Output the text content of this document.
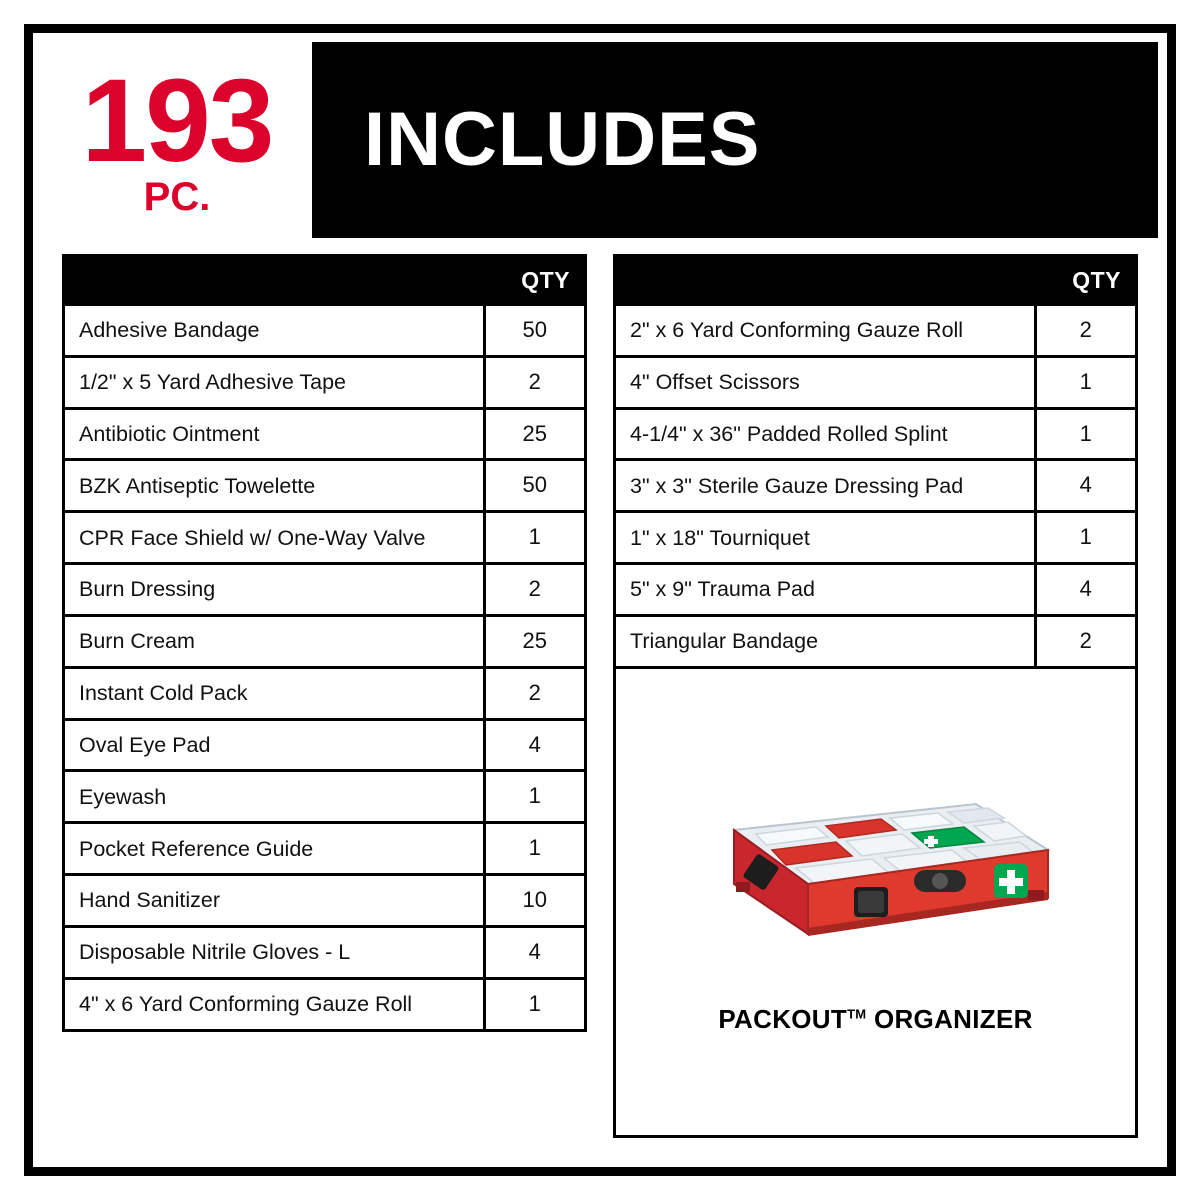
193
PC.
INCLUDES
	QTY
Adhesive Bandage	50
1/2" x 5 Yard Adhesive Tape	2
Antibiotic Ointment	25
BZK Antiseptic Towelette	50
CPR Face Shield w/ One-Way Valve	1
Burn Dressing	2
Burn Cream	25
Instant Cold Pack	2
Oval Eye Pad	4
Eyewash	1
Pocket Reference Guide	1
Hand Sanitizer	10
Disposable Nitrile Gloves - L	4
4" x 6 Yard Conforming Gauze Roll	1
	QTY
2" x 6 Yard Conforming Gauze Roll	2
4" Offset Scissors	1
4-1/4" x 36" Padded Rolled Splint	1
3" x 3" Sterile Gauze Dressing Pad	4
1" x 18" Tourniquet	1
5" x 9" Trauma Pad	4
Triangular Bandage	2
PACKOUT™ ORGANIZER
